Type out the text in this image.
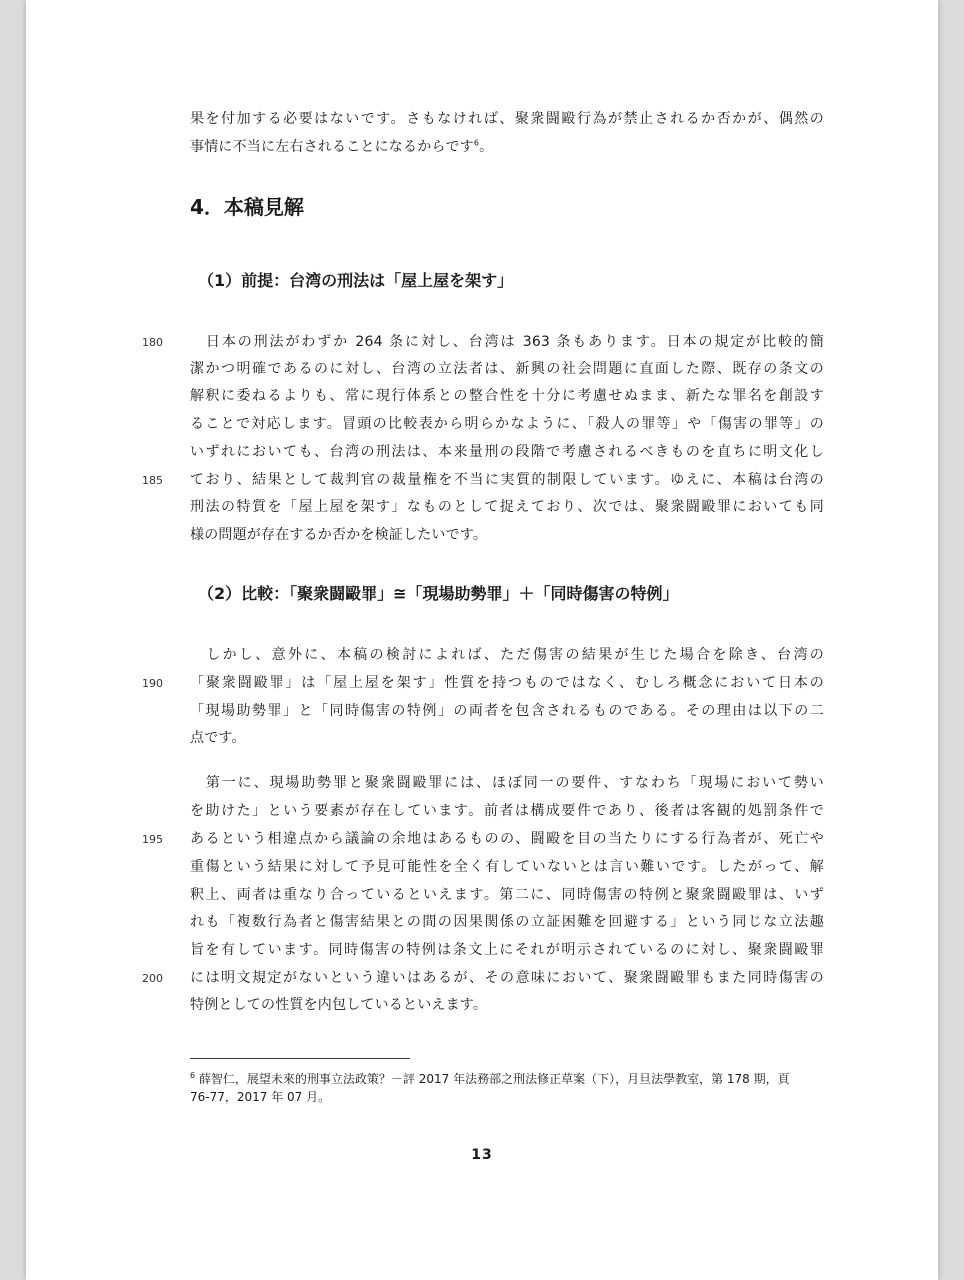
果を付加する必要はないです。さもなければ、聚衆闘毆行為が禁止されるか否かが、偶然の
事情に不当に左右されることになるからです$^6$。
4．本稿見解
（1）前提：台湾の刑法は「屋上屋を架す」
　日本の刑法がわずか 264 条に対し、台湾は 363 条もあります。日本の規定が比較的簡
潔かつ明確であるのに対し、台湾の立法者は、新興の社会問題に直面した際、既存の条文の
解釈に委ねるよりも、常に現行体系との整合性を十分に考慮せぬまま、新たな罪名を創設す
ることで対応します。冒頭の比較表から明らかなように、「殺人の罪等」や「傷害の罪等」の
いずれにおいても、台湾の刑法は、本来量刑の段階で考慮されるべきものを直ちに明文化し
ており、結果として裁判官の裁量権を不当に実質的制限しています。ゆえに、本稿は台湾の
刑法の特質を「屋上屋を架す」なものとして捉えており、次では、聚衆闘毆罪においても同
様の問題が存在するか否かを検証したいです。
（2）比較：「聚衆闘毆罪」≅「現場助勢罪」＋「同時傷害の特例」
　しかし、意外に、本稿の検討によれば、ただ傷害の結果が生じた場合を除き、台湾の
「聚衆闘毆罪」は「屋上屋を架す」性質を持つものではなく、むしろ概念において日本の
「現場助勢罪」と「同時傷害の特例」の両者を包含されるものである。その理由は以下の二
点です。
　第一に、現場助勢罪と聚衆闘毆罪には、ほぼ同一の要件、すなわち「現場において勢い
を助けた」という要素が存在しています。前者は構成要件であり、後者は客観的処罰条件で
あるという相違点から議論の余地はあるものの、闘毆を目の当たりにする行為者が、死亡や
重傷という結果に対して予見可能性を全く有していないとは言い難いです。したがって、解
釈上、両者は重なり合っているといえます。第二に、同時傷害の特例と聚衆闘毆罪は、いず
れも「複数行為者と傷害結果との間の因果関係の立証困難を回避する」という同じな立法趣
旨を有しています。同時傷害の特例は条文上にそれが明示されているのに対し、聚衆闘毆罪
には明文規定がないという違いはあるが、その意味において、聚衆闘毆罪もまた同時傷害の
特例としての性質を内包しているといえます。
180
185
190
195
200
$^6$ 薛智仁，展望未來的刑事立法政策？－評 2017 年法務部之刑法修正草案（下），月旦法學教室，第 178 期，頁
76-77，2017 年 07 月。
13
